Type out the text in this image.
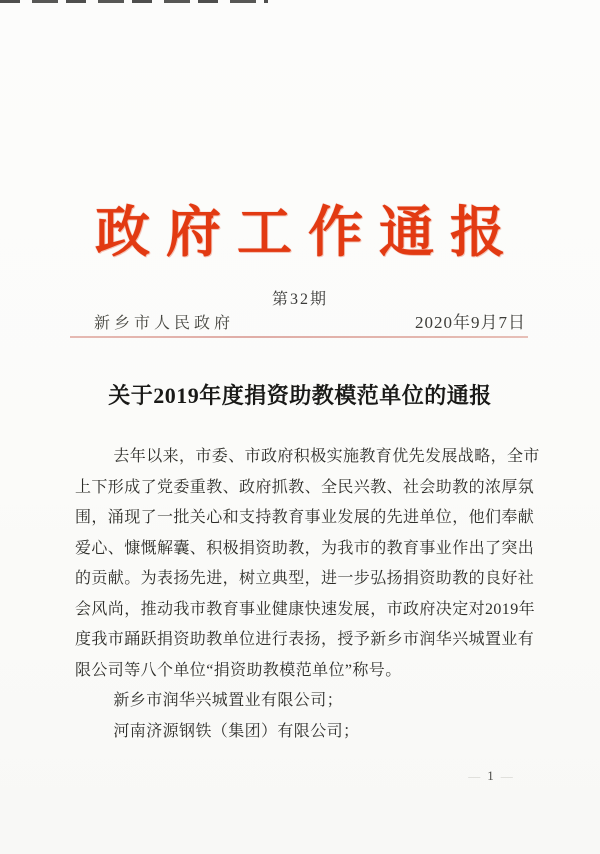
政府工作通报
第32期
新乡市人民政府	2020年9月7日
关于2019年度捐资助教模范单位的通报
去年以来，市委、市政府积极实施教育优先发展战略，全市
上下形成了党委重教、政府抓教、全民兴教、社会助教的浓厚氛
围，涌现了一批关心和支持教育事业发展的先进单位，他们奉献
爱心、慷慨解囊、积极捐资助教，为我市的教育事业作出了突出
的贡献。为表扬先进，树立典型，进一步弘扬捐资助教的良好社
会风尚，推动我市教育事业健康快速发展，市政府决定对2019年
度我市踊跃捐资助教单位进行表扬，授予新乡市润华兴城置业有
限公司等八个单位“捐资助教模范单位”称号。
新乡市润华兴城置业有限公司；
河南济源钢铁（集团）有限公司；
— 1 —
